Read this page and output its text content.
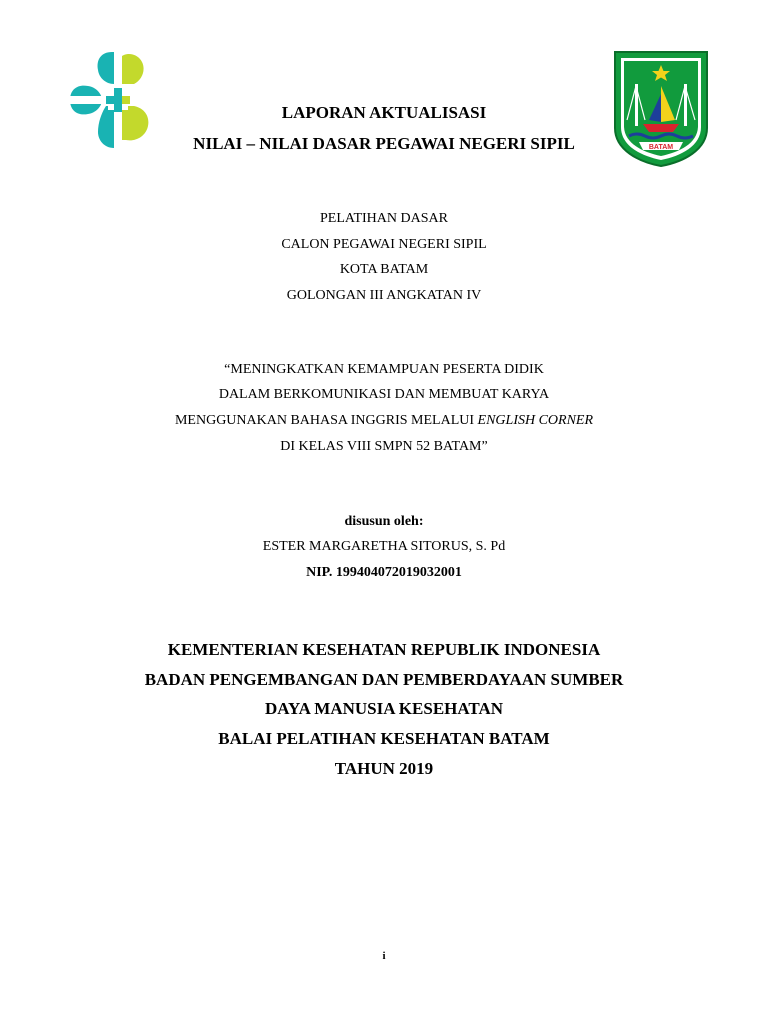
BATAM
LAPORAN AKTUALISASI
NILAI – NILAI DASAR PEGAWAI NEGERI SIPIL
PELATIHAN DASAR
CALON PEGAWAI NEGERI SIPIL
KOTA BATAM
GOLONGAN III ANGKATAN IV
“MENINGKATKAN KEMAMPUAN PESERTA DIDIK
DALAM BERKOMUNIKASI DAN MEMBUAT KARYA
MENGGUNAKAN BAHASA INGGRIS MELALUI ENGLISH CORNER
DI KELAS VIII SMPN 52 BATAM”
disusun oleh:
ESTER MARGARETHA SITORUS, S. Pd
NIP. 199404072019032001
KEMENTERIAN KESEHATAN REPUBLIK INDONESIA
BADAN PENGEMBANGAN DAN PEMBERDAYAAN SUMBER
DAYA MANUSIA KESEHATAN
BALAI PELATIHAN KESEHATAN BATAM
TAHUN 2019
i
